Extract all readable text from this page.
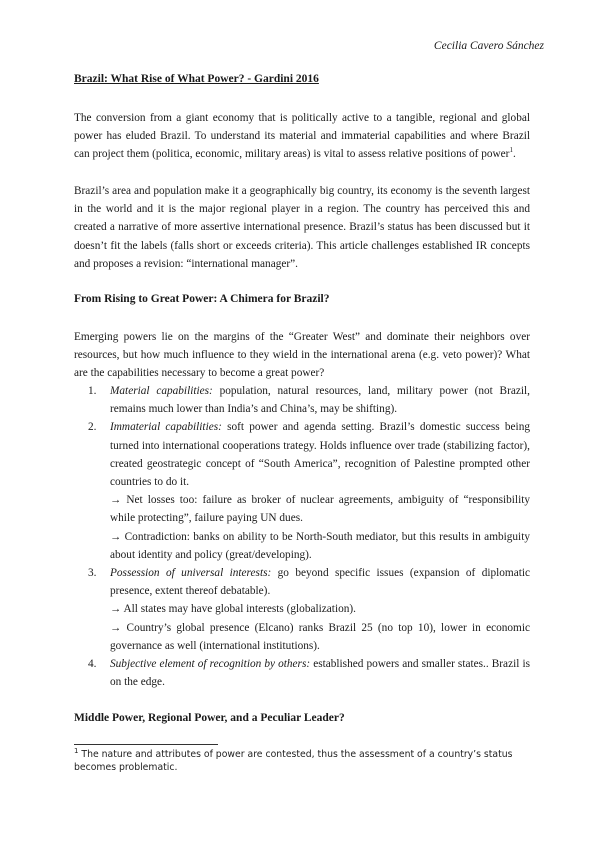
Cecilia Cavero Sánchez
Brazil: What Rise of What Power? - Gardini 2016
The conversion from a giant economy that is politically active to a tangible, regional and global power has eluded Brazil. To understand its material and immaterial capabilities and where Brazil can project them (politica, economic, military areas) is vital to assess relative positions of power$^1$.
Brazil’s area and population make it a geographically big country, its economy is the seventh largest in the world and it is the major regional player in a region. The country has perceived this and created a narrative of more assertive international presence. Brazil’s status has been discussed but it doesn’t fit the labels (falls short or exceeds criteria). This article challenges established IR concepts and proposes a revision: “international manager”.
From Rising to Great Power: A Chimera for Brazil?
Emerging powers lie on the margins of the “Greater West” and dominate their neighbors over resources, but how much influence to they wield in the international arena (e.g. veto power)? What are the capabilities necessary to become a great power?
1. Material capabilities: population, natural resources, land, military power (not Brazil, remains much lower than India’s and China’s, may be shifting).
2. Immaterial capabilities: soft power and agenda setting. Brazil’s domestic success being turned into international cooperations trategy. Holds influence over trade (stabilizing factor), created geostrategic concept of “South America”, recognition of Palestine prompted other countries to do it.
→ Net losses too: failure as broker of nuclear agreements, ambiguity of “responsibility while protecting”, failure paying UN dues.
→ Contradiction: banks on ability to be North-South mediator, but this results in ambiguity about identity and policy (great/developing).
3. Possession of universal interests: go beyond specific issues (expansion of diplomatic presence, extent thereof debatable).
→ All states may have global interests (globalization).
→ Country’s global presence (Elcano) ranks Brazil 25 (no top 10), lower in economic governance as well (international institutions).
4. Subjective element of recognition by others: established powers and smaller states.. Brazil is on the edge.
Middle Power, Regional Power, and a Peculiar Leader?
$^1$ The nature and attributes of power are contested, thus the assessment of a country’s status becomes problematic.
